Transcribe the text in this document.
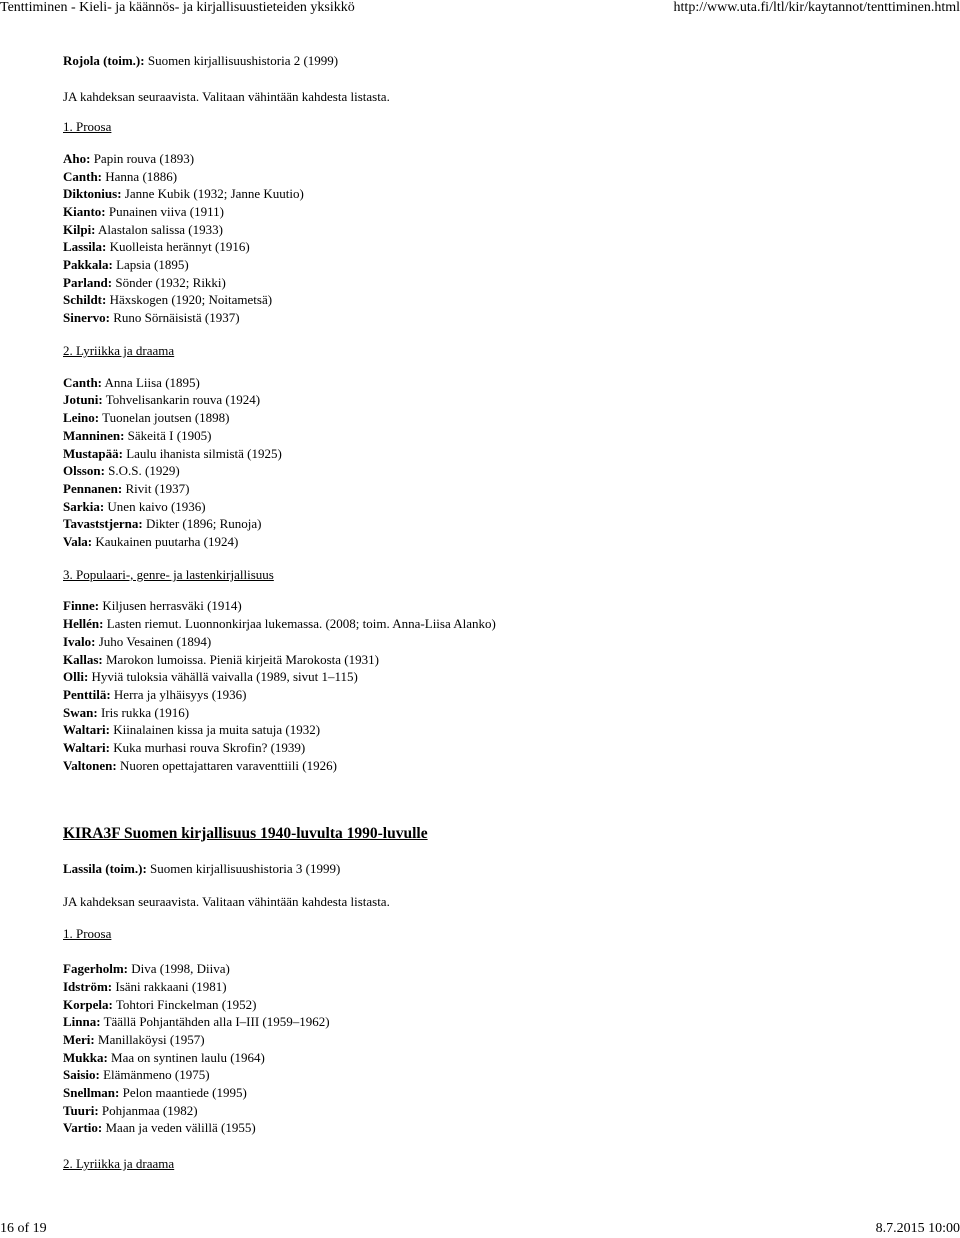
Tenttiminen - Kieli- ja käännös- ja kirjallisuustieteiden yksikkö	http://www.uta.fi/ltl/kir/kaytannot/tenttiminen.html
Rojola (toim.): Suomen kirjallisuushistoria 2 (1999)
JA kahdeksan seuraavista. Valitaan vähintään kahdesta listasta.
1. Proosa
Aho: Papin rouva (1893)
Canth: Hanna (1886)
Diktonius: Janne Kubik (1932; Janne Kuutio)
Kianto: Punainen viiva (1911)
Kilpi: Alastalon salissa (1933)
Lassila: Kuolleista herännyt (1916)
Pakkala: Lapsia (1895)
Parland: Sönder (1932; Rikki)
Schildt: Häxskogen (1920; Noitametsä)
Sinervo: Runo Sörnäisistä (1937)
2. Lyriikka ja draama
Canth: Anna Liisa (1895)
Jotuni: Tohvelisankarin rouva (1924)
Leino: Tuonelan joutsen (1898)
Manninen: Säkeitä I (1905)
Mustapää: Laulu ihanista silmistä (1925)
Olsson: S.O.S. (1929)
Pennanen: Rivit (1937)
Sarkia: Unen kaivo (1936)
Tavaststjerna: Dikter (1896; Runoja)
Vala: Kaukainen puutarha (1924)
3. Populaari-, genre- ja lastenkirjallisuus
Finne: Kiljusen herrasväki (1914)
Hellén: Lasten riemut. Luonnonkirjaa lukemassa. (2008; toim. Anna-Liisa Alanko)
Ivalo: Juho Vesainen (1894)
Kallas: Marokon lumoissa. Pieniä kirjeitä Marokosta (1931)
Olli: Hyviä tuloksia vähällä vaivalla (1989, sivut 1–115)
Penttilä: Herra ja ylhäisyys (1936)
Swan: Iris rukka (1916)
Waltari: Kiinalainen kissa ja muita satuja (1932)
Waltari: Kuka murhasi rouva Skrofin? (1939)
Valtonen: Nuoren opettajattaren varaventtiili (1926)
KIRA3F Suomen kirjallisuus 1940-luvulta 1990-luvulle
Lassila (toim.): Suomen kirjallisuushistoria 3 (1999)
JA kahdeksan seuraavista. Valitaan vähintään kahdesta listasta.
1. Proosa
Fagerholm: Diva (1998, Diiva)
Idström: Isäni rakkaani (1981)
Korpela: Tohtori Finckelman (1952)
Linna: Täällä Pohjantähden alla I–III (1959–1962)
Meri: Manillaköysi (1957)
Mukka: Maa on syntinen laulu (1964)
Saisio: Elämänmeno (1975)
Snellman: Pelon maantiede (1995)
Tuuri: Pohjanmaa (1982)
Vartio: Maan ja veden välillä (1955)
2. Lyriikka ja draama
16 of 19	8.7.2015 10:00
